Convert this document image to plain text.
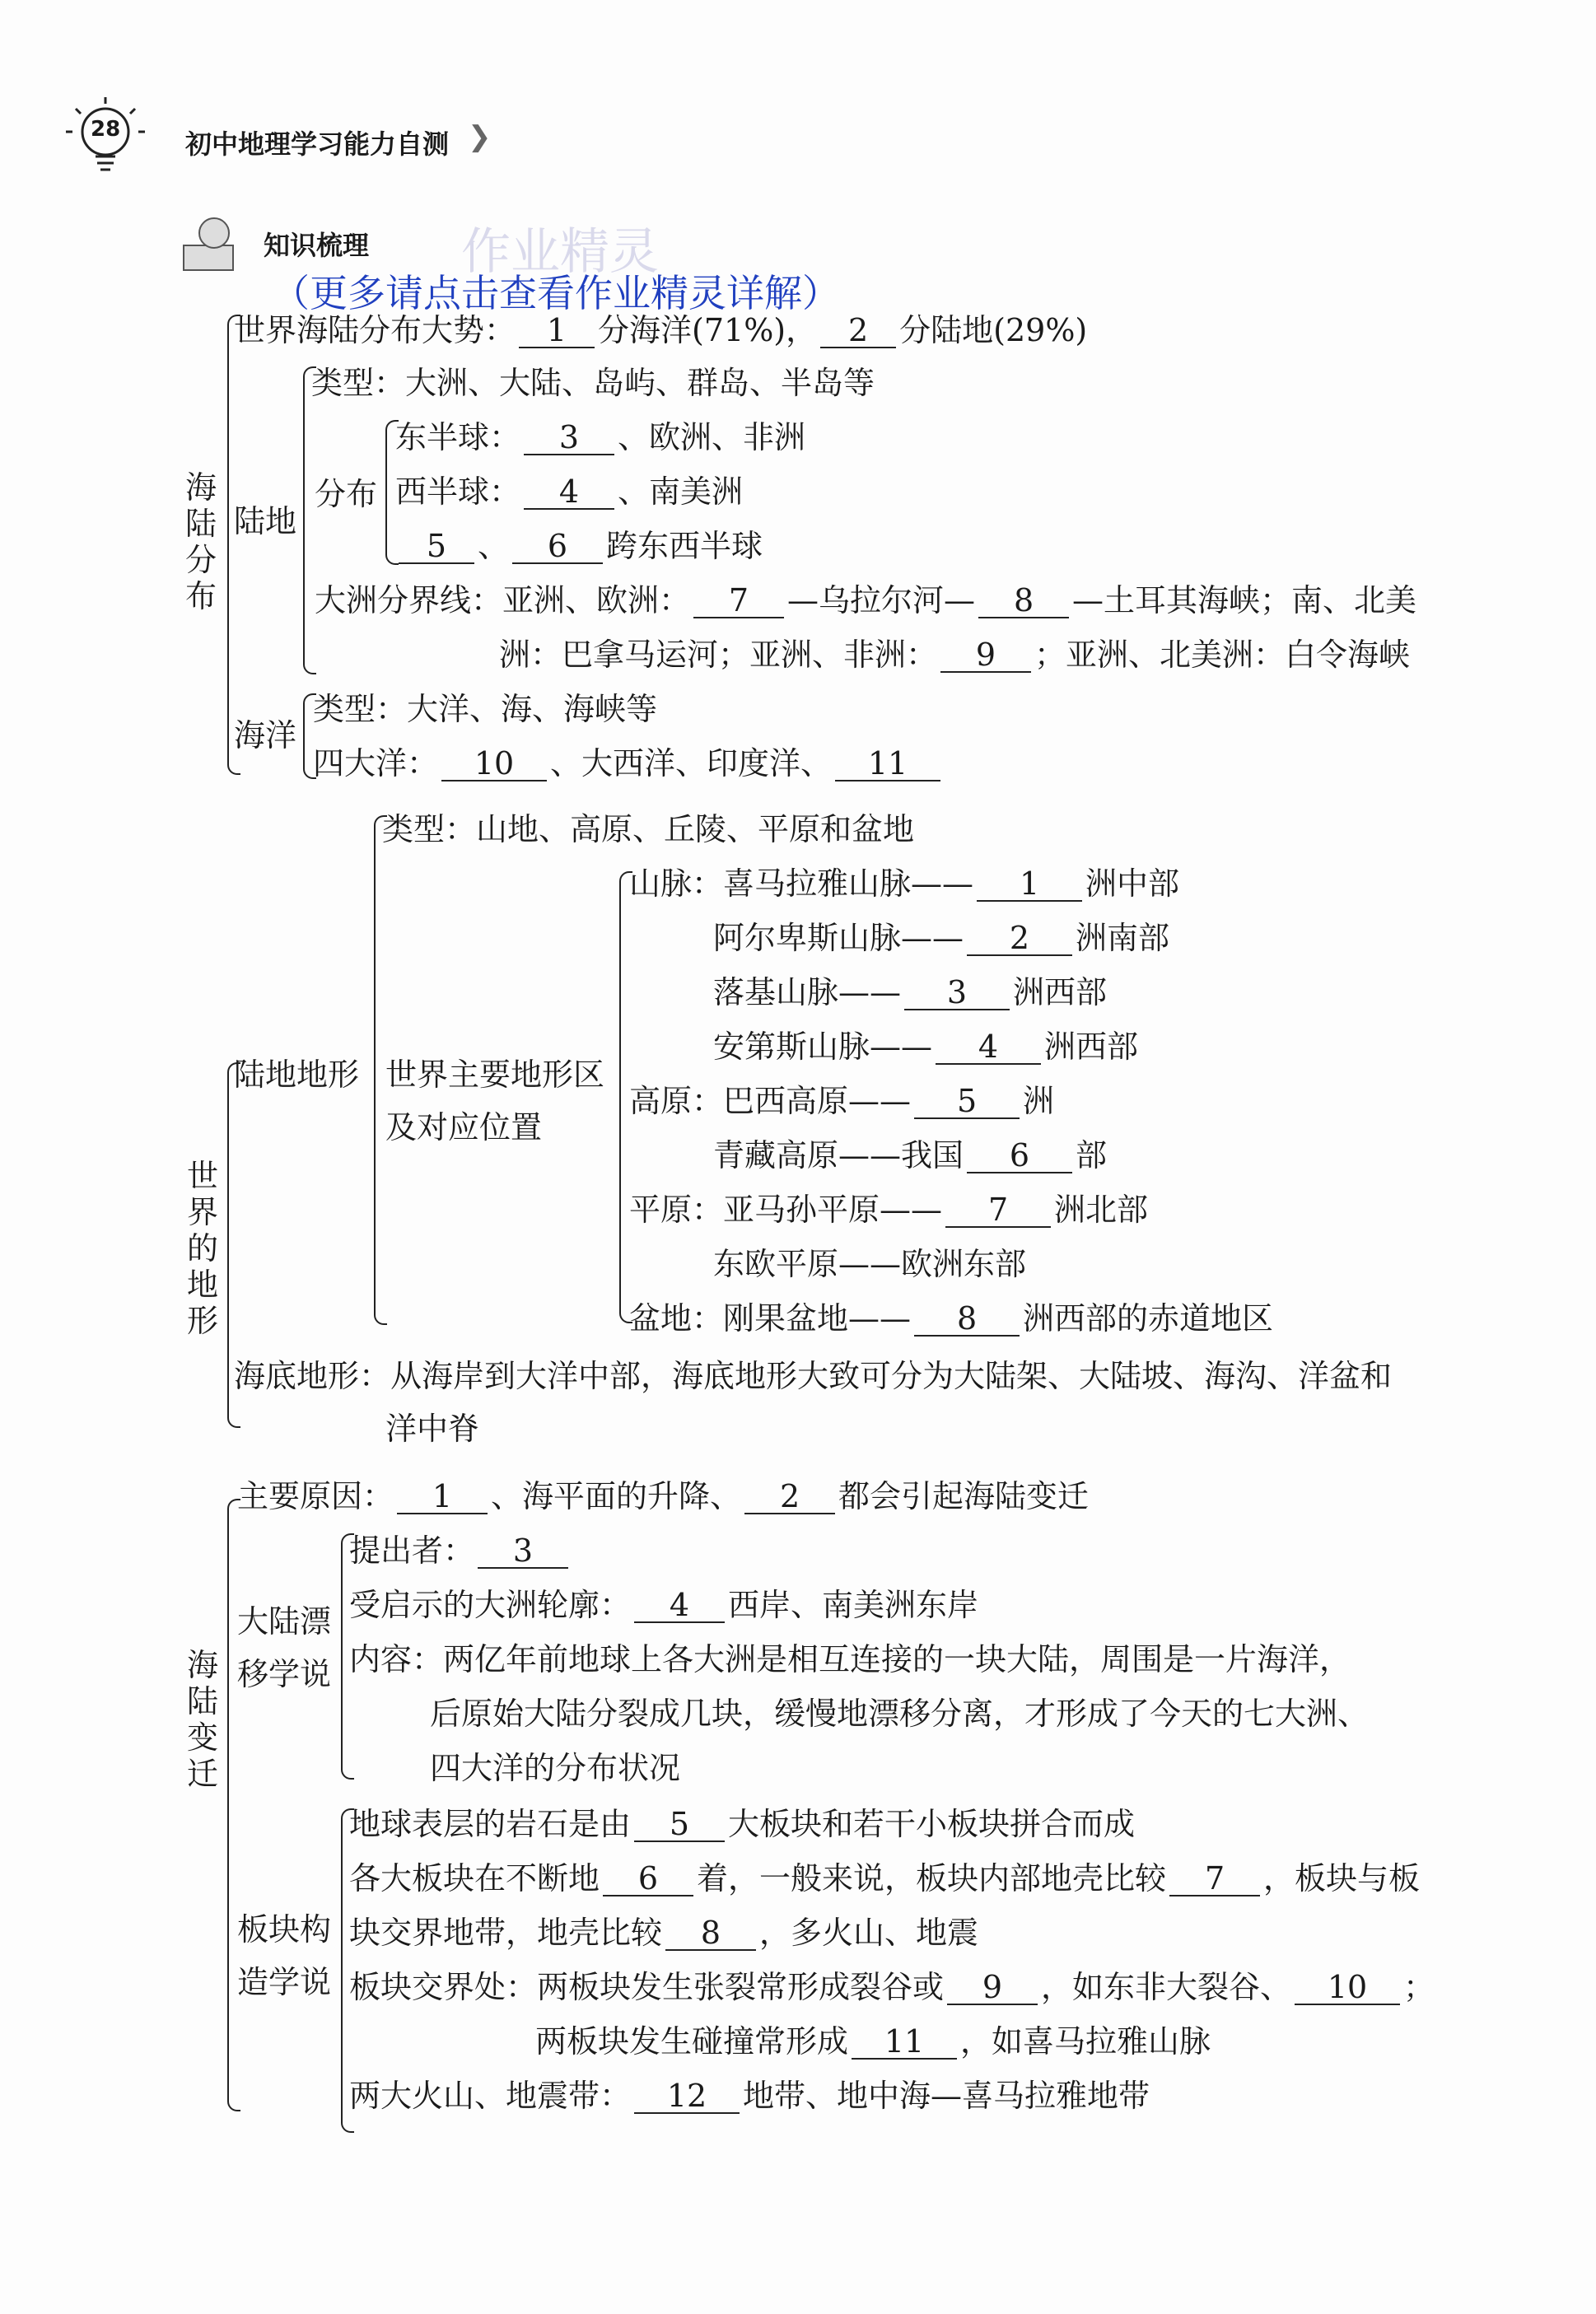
28 初中地理学习能力自测 ❯
知识梳理 作业精灵
（更多请点击查看作业精灵详解）
海陆分布
世界海陆分布大势： 1 分海洋(71%)， 2 分陆地(29%)
陆地
类型：大洲、大陆、岛屿、群岛、半岛等
分布
东半球： 3 、欧洲、非洲
西半球： 4 、南美洲
5 、 6 跨东西半球
大洲分界线：亚洲、欧洲： 7 —乌拉尔河— 8 —土耳其海峡；南、北美
洲：巴拿马运河；亚洲、非洲： 9 ；亚洲、北美洲：白令海峡
海洋
类型：大洋、海、海峡等
四大洋： 10 、大西洋、印度洋、 11
世界的地形
陆地地形
类型：山地、高原、丘陵、平原和盆地
世界主要地形区
及对应位置
山脉：喜马拉雅山脉—— 1 洲中部
阿尔卑斯山脉—— 2 洲南部
落基山脉—— 3 洲西部
安第斯山脉—— 4 洲西部
高原：巴西高原—— 5 洲
青藏高原——我国 6 部
平原：亚马孙平原—— 7 洲北部
东欧平原——欧洲东部
盆地：刚果盆地—— 8 洲西部的赤道地区
海底地形：从海岸到大洋中部，海底地形大致可分为大陆架、大陆坡、海沟、洋盆和
洋中脊
海陆变迁
主要原因： 1 、海平面的升降、 2 都会引起海陆变迁
大陆漂
移学说
提出者： 3
受启示的大洲轮廓： 4 西岸、南美洲东岸
内容：两亿年前地球上各大洲是相互连接的一块大陆，周围是一片海洋，
后原始大陆分裂成几块，缓慢地漂移分离，才形成了今天的七大洲、
四大洋的分布状况
板块构
造学说
地球表层的岩石是由 5 大板块和若干小板块拼合而成
各大板块在不断地 6 着，一般来说，板块内部地壳比较 7 ，板块与板
块交界地带，地壳比较 8 ，多火山、地震
板块交界处：两板块发生张裂常形成裂谷或 9 ，如东非大裂谷、 10 ；
两板块发生碰撞常形成 11 ，如喜马拉雅山脉
两大火山、地震带： 12 地带、地中海—喜马拉雅地带
